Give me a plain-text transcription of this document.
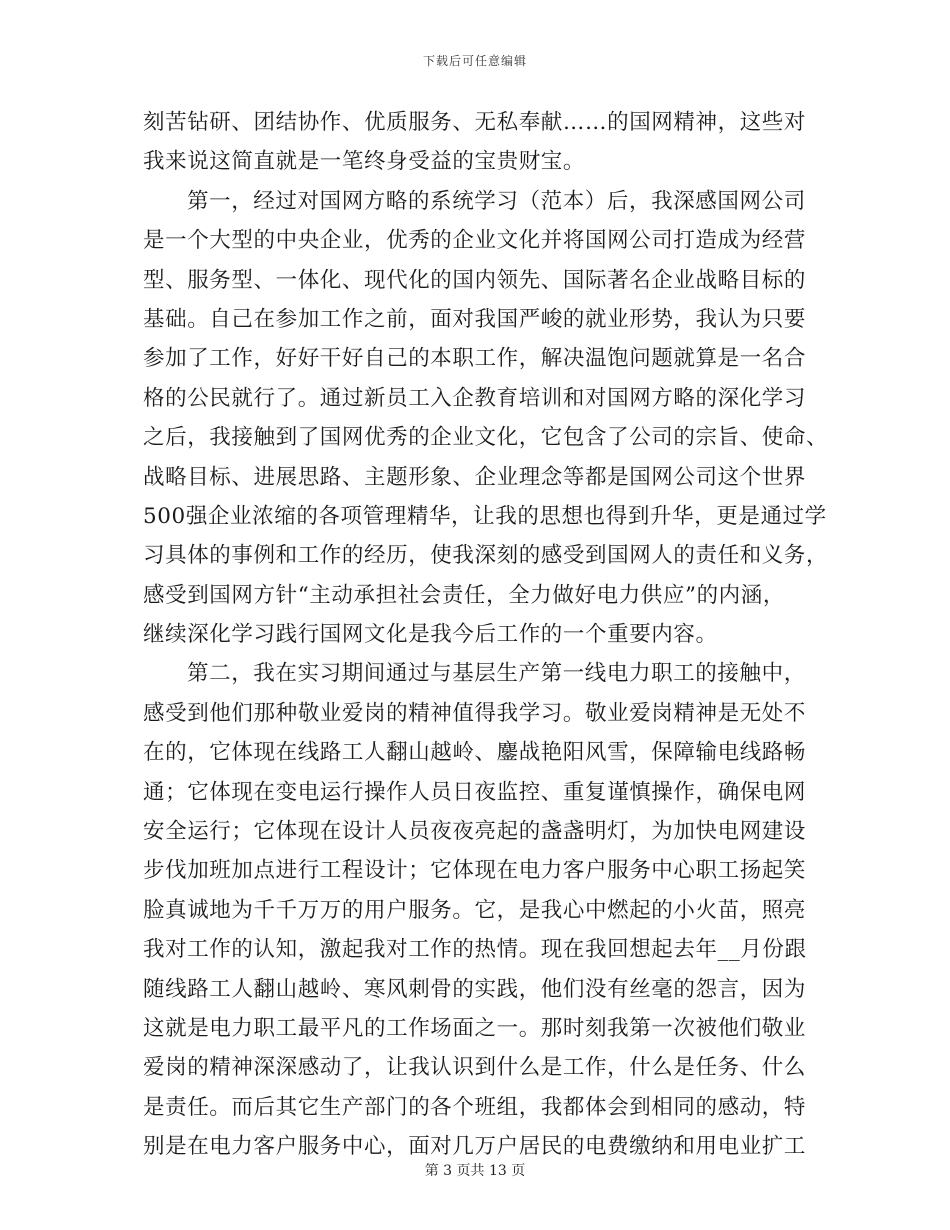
下载后可任意编辑
刻苦钻研、团结协作、优质服务、无私奉献……的国网精神，这些对
我来说这简直就是一笔终身受益的宝贵财宝。
第一，经过对国网方略的系统学习（范本）后，我深感国网公司
是一个大型的中央企业，优秀的企业文化并将国网公司打造成为经营
型、服务型、一体化、现代化的国内领先、国际著名企业战略目标的
基础。自己在参加工作之前，面对我国严峻的就业形势，我认为只要
参加了工作，好好干好自己的本职工作，解决温饱问题就算是一名合
格的公民就行了。通过新员工入企教育培训和对国网方略的深化学习
之后，我接触到了国网优秀的企业文化，它包含了公司的宗旨、使命、
战略目标、进展思路、主题形象、企业理念等都是国网公司这个世界
500强企业浓缩的各项管理精华，让我的思想也得到升华，更是通过学
习具体的事例和工作的经历，使我深刻的感受到国网人的责任和义务，
感受到国网方针“主动承担社会责任，全力做好电力供应”的内涵，
继续深化学习践行国网文化是我今后工作的一个重要内容。
第二，我在实习期间通过与基层生产第一线电力职工的接触中，
感受到他们那种敬业爱岗的精神值得我学习。敬业爱岗精神是无处不
在的，它体现在线路工人翻山越岭、鏖战艳阳风雪，保障输电线路畅
通；它体现在变电运行操作人员日夜监控、重复谨慎操作，确保电网
安全运行；它体现在设计人员夜夜亮起的盏盏明灯，为加快电网建设
步伐加班加点进行工程设计；它体现在电力客户服务中心职工扬起笑
脸真诚地为千千万万的用户服务。它，是我心中燃起的小火苗，照亮
我对工作的认知，激起我对工作的热情。现在我回想起去年__月份跟
随线路工人翻山越岭、寒风刺骨的实践，他们没有丝毫的怨言，因为
这就是电力职工最平凡的工作场面之一。那时刻我第一次被他们敬业
爱岗的精神深深感动了，让我认识到什么是工作，什么是任务、什么
是责任。而后其它生产部门的各个班组，我都体会到相同的感动，特
别是在电力客户服务中心，面对几万户居民的电费缴纳和用电业扩工
第 3 页共 13 页
